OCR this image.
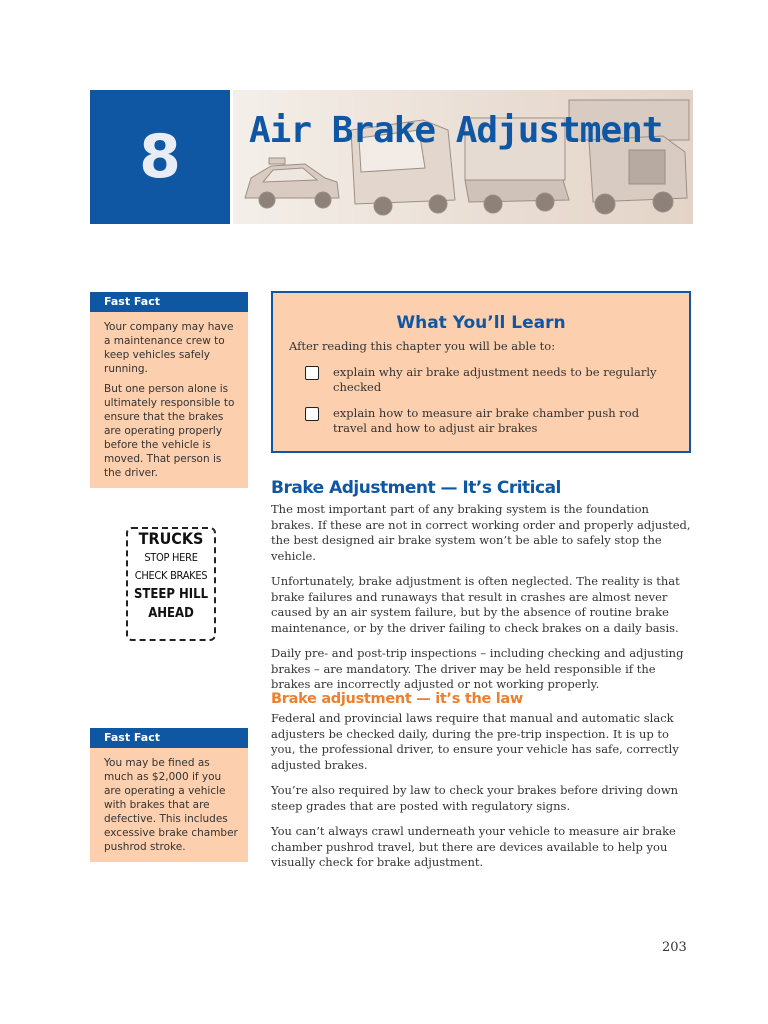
8 Air Brake Adjustment
Fast Fact

Your company may have a maintenance crew to keep vehicles safely running.

But one person alone is ultimately responsible to ensure that the brakes are operating properly before the vehicle is moved. That person is the driver.

TRUCKS
STOP HERE
CHECK BRAKES
STEEP HILL
AHEAD
Fast Fact

You may be fined as much as $2,000 if you are operating a vehicle with brakes that are defective. This includes excessive brake chamber pushrod stroke.

What You’ll Learn
After reading this chapter you will be able to:
explain why air brake adjustment needs to be regularly checked
explain how to measure air brake chamber push rod travel and how to adjust air brakes
Brake Adjustment — It’s Critical

The most important part of any braking system is the foundation brakes. If these are not in correct working order and properly adjusted, the best designed air brake system won’t be able to safely stop the vehicle.

Unfortunately, brake adjustment is often neglected. The reality is that brake failures and runaways that result in crashes are almost never caused by an air system failure, but by the absence of routine brake maintenance, or by the driver failing to check brakes on a daily basis.

Daily pre- and post-trip inspections – including checking and adjusting brakes – are mandatory. The driver may be held responsible if the brakes are incorrectly adjusted or not working properly.

Brake adjustment — it’s the law

Federal and provincial laws require that manual and automatic slack adjusters be checked daily, during the pre-trip inspection. It is up to you, the professional driver, to ensure your vehicle has safe, correctly adjusted brakes.

You’re also required by law to check your brakes before driving down steep grades that are posted with regulatory signs.

You can’t always crawl underneath your vehicle to measure air brake chamber pushrod travel, but there are devices available to help you visually check for brake adjustment.

203
